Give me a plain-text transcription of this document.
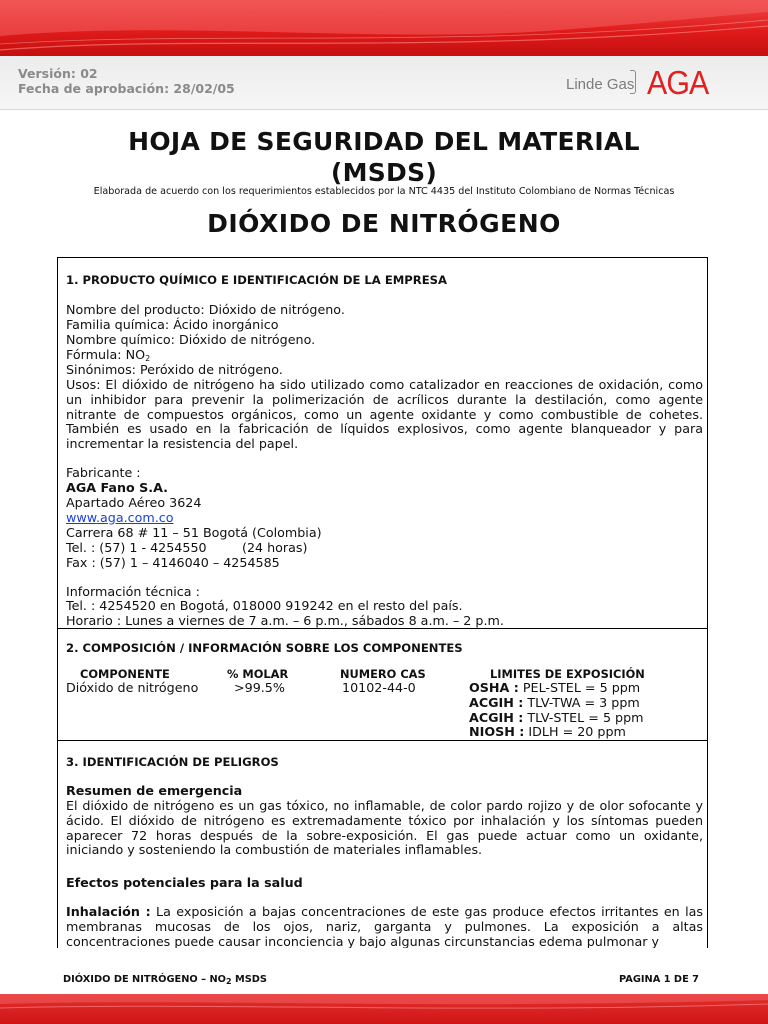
Versión: 02
Fecha de aprobación: 28/02/05	Linde Gas AGA
HOJA DE SEGURIDAD DEL MATERIAL
(MSDS)
Elaborada de acuerdo con los requerimientos establecidos por la NTC 4435 del Instituto Colombiano de Normas Técnicas
DIÓXIDO DE NITRÓGENO
1. PRODUCTO QUÍMICO E IDENTIFICACIÓN DE LA EMPRESA
Nombre del producto: Dióxido de nitrógeno.
Familia química: Ácido inorgánico
Nombre químico: Dióxido de nitrógeno.
Fórmula: $NO_2$
Sinónimos: Peróxido de nitrógeno.
Usos: El dióxido de nitrógeno ha sido utilizado como catalizador en reacciones de oxidación, como un inhibidor para prevenir la polimerización de acrílicos durante la destilación, como agente nitrante de compuestos orgánicos, como un agente oxidante y como combustible de cohetes. También es usado en la fabricación de líquidos explosivos, como agente blanqueador y para incrementar la resistencia del papel.
Fabricante :
AGA Fano S.A.
Apartado Aéreo 3624
www.aga.com.co
Carrera 68 # 11 – 51 Bogotá (Colombia)
Tel. : (57) 1 - 4254550	(24 horas)
Fax : (57) 1 – 4146040 – 4254585
Información técnica :
Tel. : 4254520 en Bogotá, 018000 919242 en el resto del país.
Horario : Lunes a viernes de 7 a.m. – 6 p.m., sábados 8 a.m. – 2 p.m.
2. COMPOSICIÓN / INFORMACIÓN SOBRE LOS COMPONENTES
COMPONENTE	% MOLAR	NUMERO CAS	LIMITES DE EXPOSICIÓN
Dióxido de nitrógeno	>99.5%	10102-44-0	OSHA : PEL-STEL = 5 ppm
ACGIH : TLV-TWA = 3 ppm
ACGIH : TLV-STEL = 5 ppm
NIOSH : IDLH = 20 ppm
3. IDENTIFICACIÓN DE PELIGROS
Resumen de emergencia
El dióxido de nitrógeno es un gas tóxico, no inflamable, de color pardo rojizo y de olor sofocante y ácido. El dióxido de nitrógeno es extremadamente tóxico por inhalación y los síntomas pueden aparecer 72 horas después de la sobre-exposición. El gas puede actuar como un oxidante, iniciando y sosteniendo la combustión de materiales inflamables.
Efectos potenciales para la salud
Inhalación : La exposición a bajas concentraciones de este gas produce efectos irritantes en las membranas mucosas de los ojos, nariz, garganta y pulmones. La exposición a altas concentraciones puede causar inconciencia y bajo algunas circunstancias edema pulmonar y
DIÓXIDO DE NITRÓGENO – $NO_2$ MSDS	PAGINA 1 DE 7
